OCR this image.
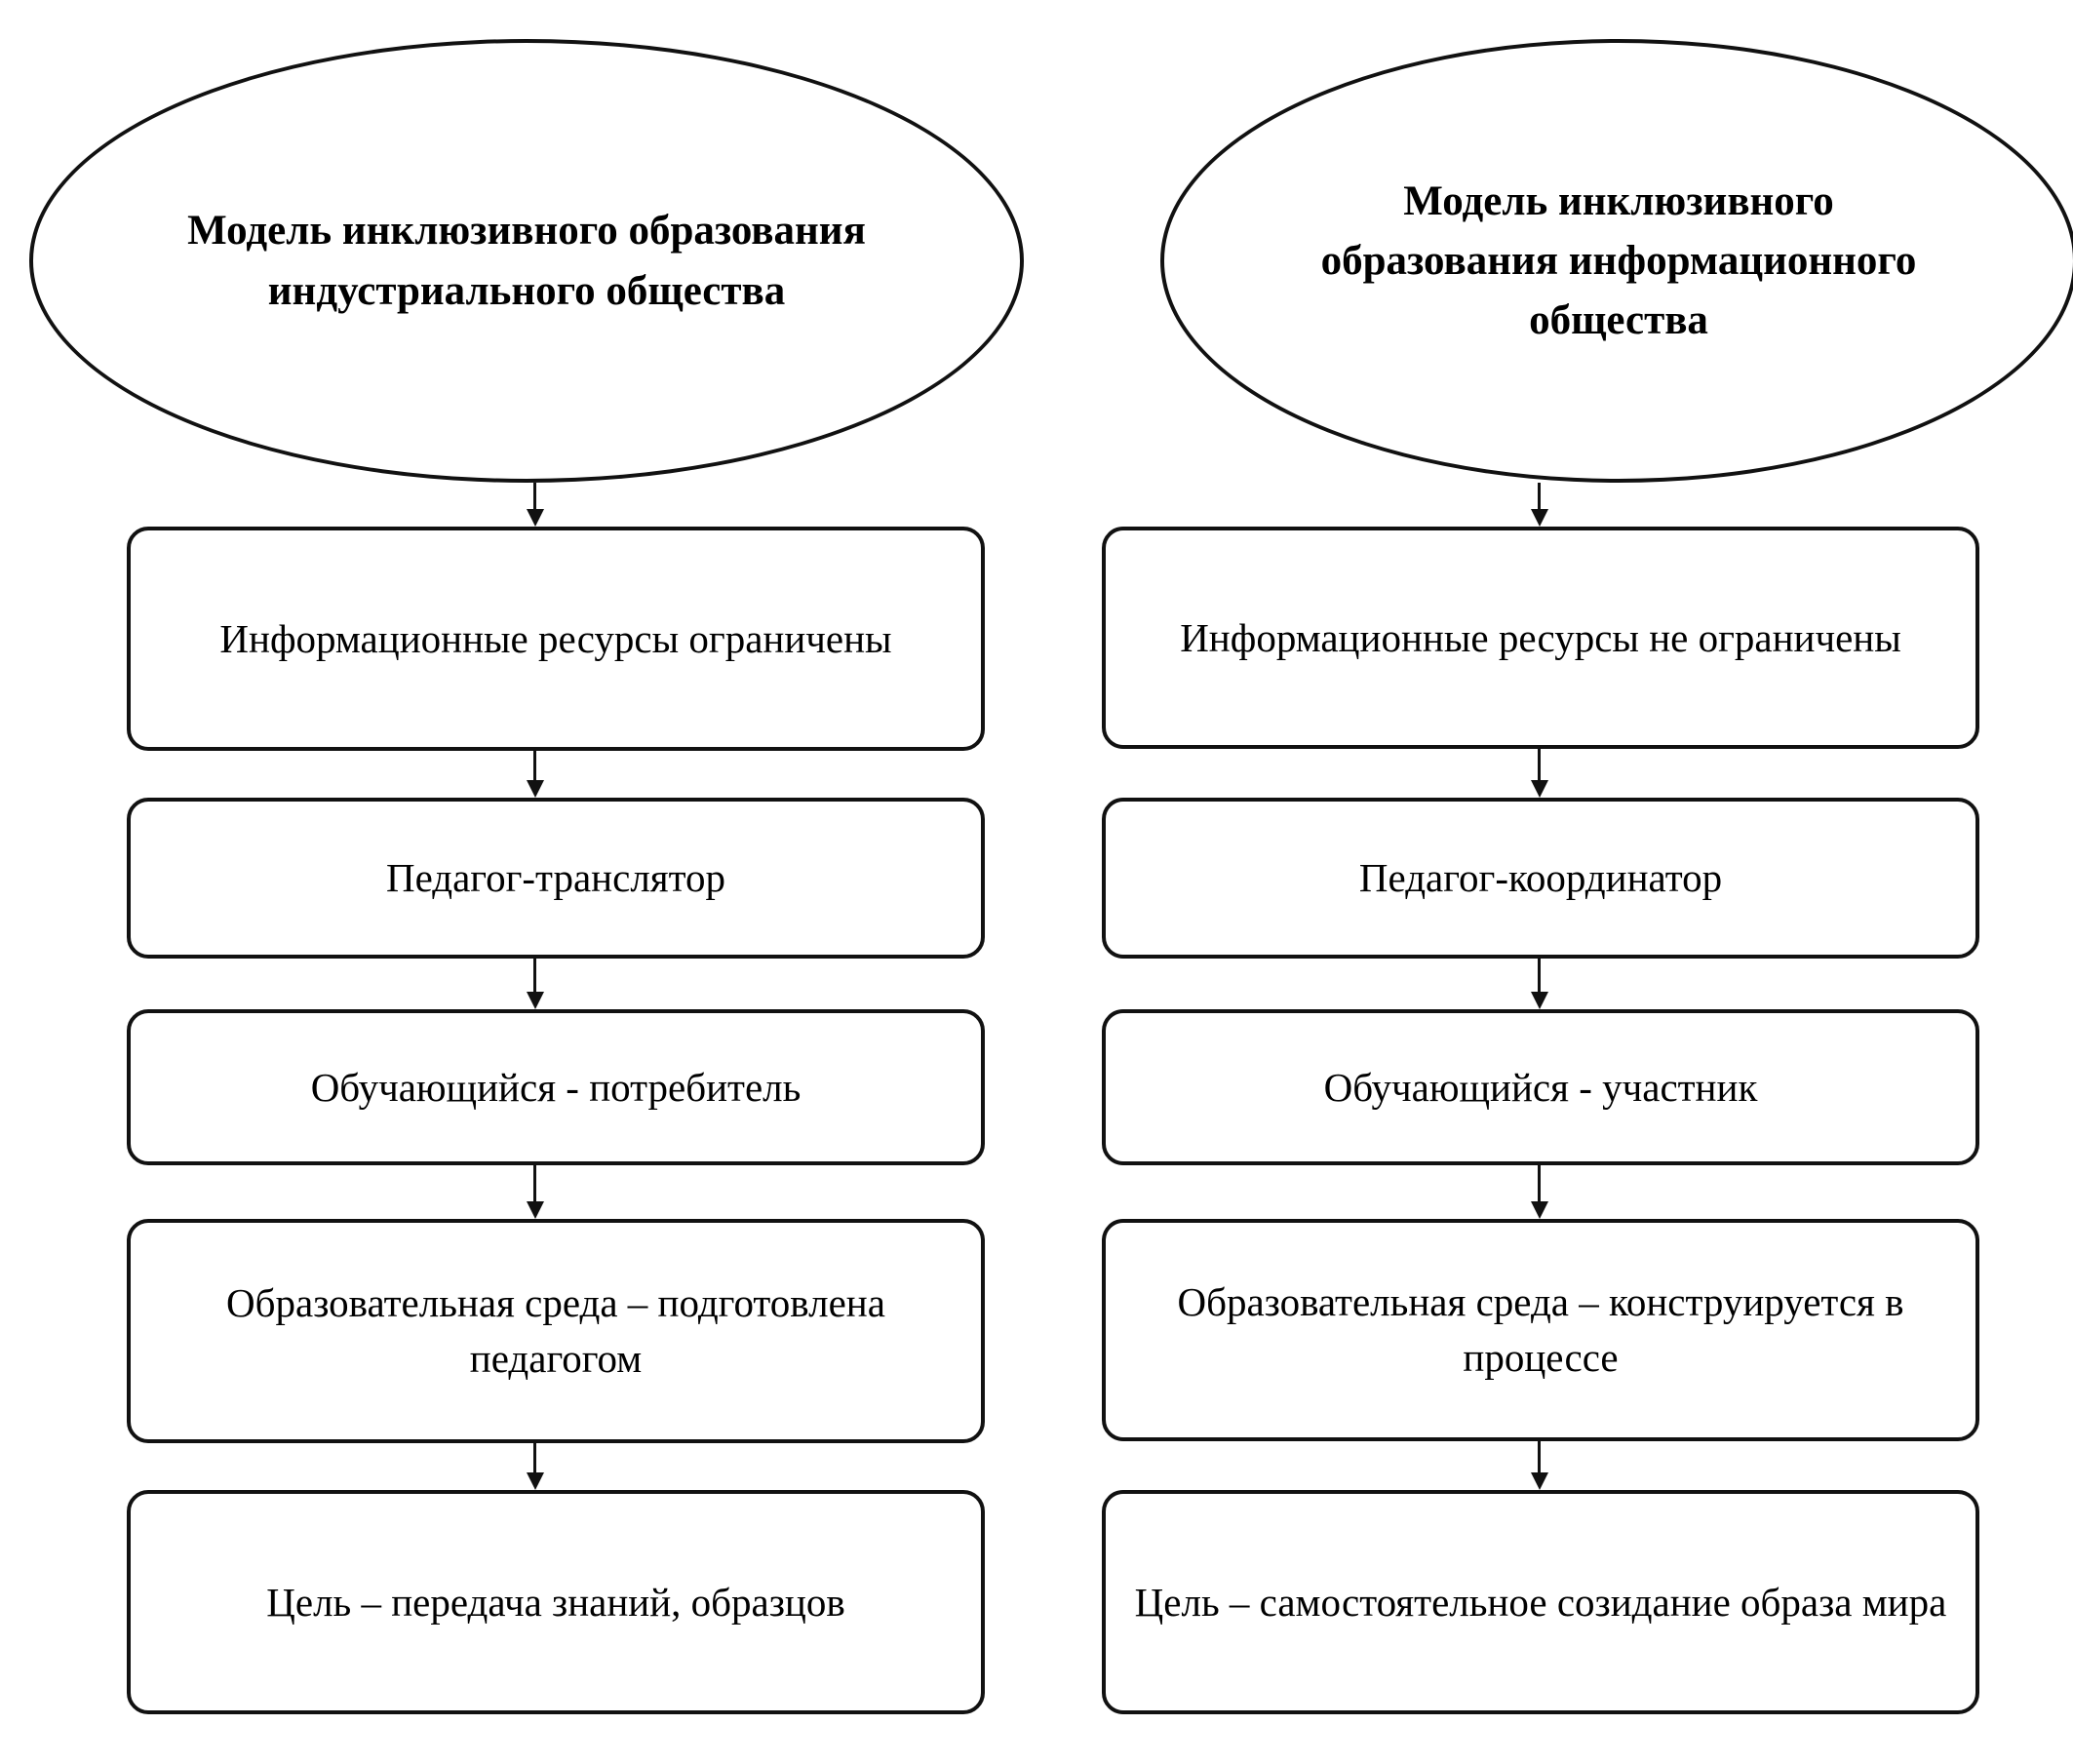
Модель инклюзивного образования индустриального общества
Информационные ресурсы ограничены
Педагог-транслятор
Обучающийся - потребитель
Образовательная среда – подготовлена педагогом
Цель – передача знаний, образцов
Модель инклюзивного образования информационного общества
Информационные ресурсы не ограничены
Педагог-координатор
Обучающийся - участник
Образовательная среда – конструируется в процессе
Цель – самостоятельное созидание образа мира
